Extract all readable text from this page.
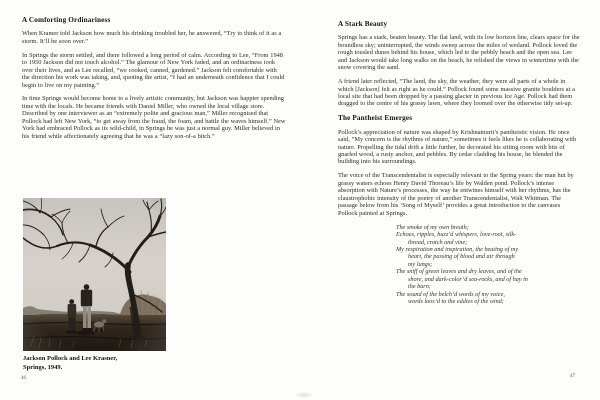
A Comforting Ordinariness

When Kramer told Jackson how much his drinking troubled her, he answered, “Try to think of it as a storm. It’ll be soon over.”

In Springs the storm settled, and there followed a long period of calm. According to Lee, “From 1948 to 1950 Jackson did not touch alcohol.” The glamour of New York faded, and an ordinariness took over their lives, and as Lee recalled, “we cooked, canned, gardened.” Jackson felt comfortable with the direction his work was taking, and, quoting the artist, “I had an underneath confidence that I could begin to live on my painting.”

In time Springs would become home to a lively artistic community, but Jackson was happier spending time with the locals. He became friends with Daniel Miller, who owned the local village store. Described by one interviewer as an “extremely polite and gracious man,” Miller recognised that Pollock had left New York, “to get away from the fraud, the foam, and battle the waves himself.” New York had embraced Pollock as its wild-child, in Springs he was just a normal guy. Miller believed in his friend while affectionately agreeing that he was a “lazy son-of-a bitch.”

Jackson Pollock and Lee Krasner,
Springs, 1949.
A Stark Beauty

Springs has a stark, beaten beauty. The flat land, with its low horizon line, clears space for the boundless sky; uninterrupted, the winds sweep across the miles of wetland. Pollock loved the rough tousled dunes behind his house, which led to the pebbly beach and the open sea. Lee and Jackson would take long walks on the beach, he relished the views in wintertime with the snow covering the sand.

A friend later reflected, “The land, the sky, the weather, they were all parts of a whole in which [Jackson] felt as right as he could.” Pollock found some massive granite boulders at a local site that had been dropped by a passing glacier in previous Ice Age. Pollock had them dragged to the centre of his grassy lawn, where they loomed over the otherwise tidy set-up.

The Pantheist Emerges

Pollock’s appreciation of nature was shaped by Krishnamurti’s pantheistic vision. He once said, “My concern is the rhythms of nature,” sometimes it feels likes he is collaborating with nature. Propelling the tidal drift a little further, he decorated his sitting room with bits of gnarled wood, a rusty anchor, and pebbles. By cedar cladding his house, he blended the building into his surroundings.

The voice of the Transcendentalist is especially relevant to the Spring years: the man hut by grassy waters echoes Henry David Thoreau’s life by Walden pond. Pollock’s intense absorption with Nature’s processes, the way he entwines himself with her rhythms, has the claustrophobic intensity of the poetry of another Transcendentalist, Walt Whitman. The passage below from his ‘Song of Myself’ provides a great introduction to the canvases Pollock painted at Springs.

The smoke of my own breath;
Echoes, ripples, buzz’d whispers, love-root, silk-
thread, crotch and vine;
My respiration and inspiration, the beating of my
heart, the passing of blood and air through
my lungs;
The sniff of green leaves and dry leaves, and of the
shore, and dark-color’d sea-rocks, and of hay in
the barn;
The sound of the belch’d words of my voice,
words loos’d to the eddies of the wind;
46	47
